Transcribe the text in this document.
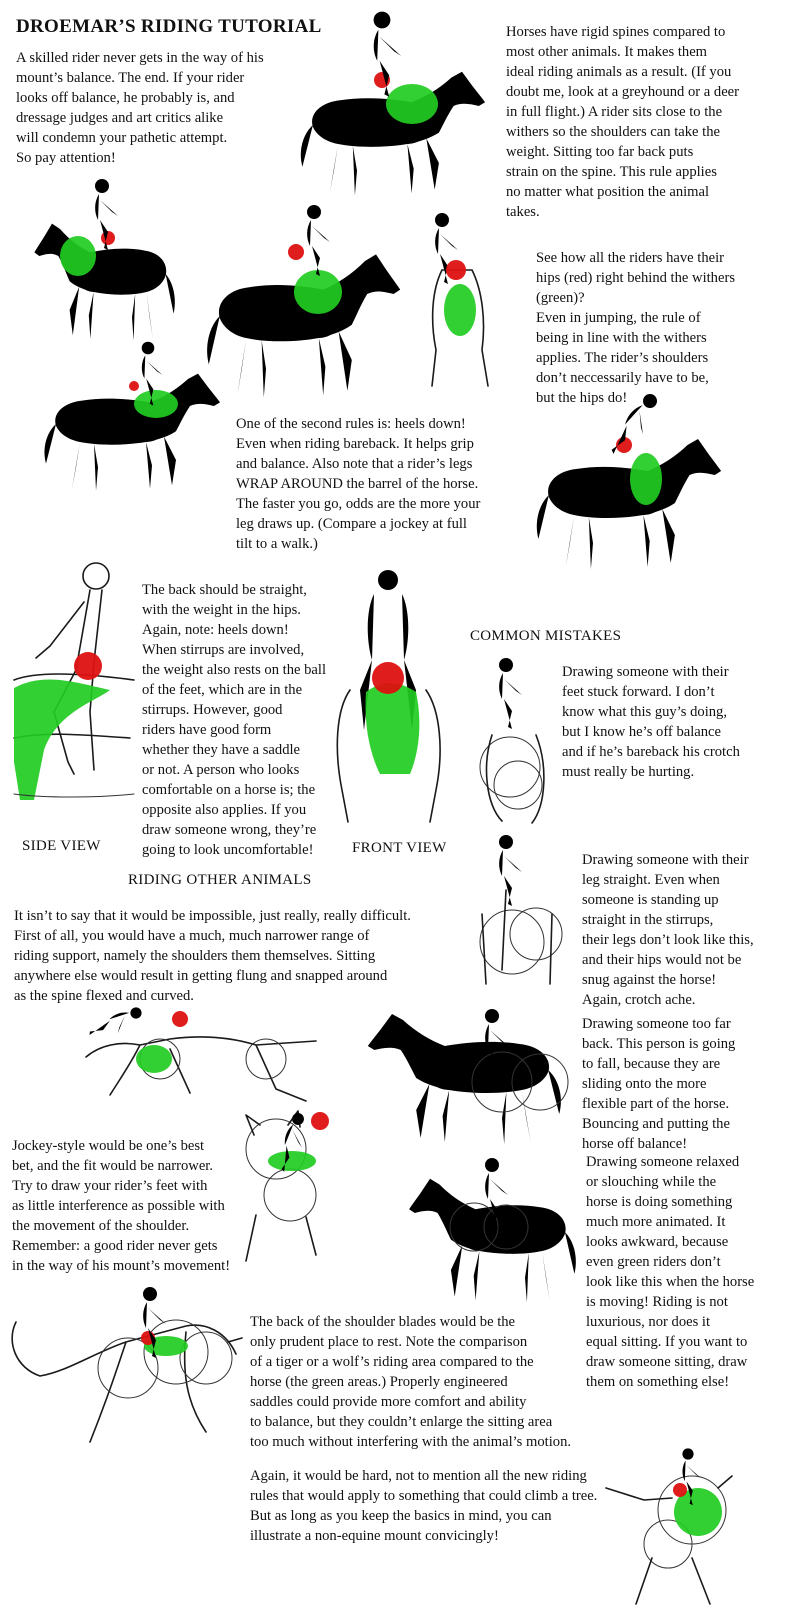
DROEMAR’S RIDING TUTORIAL

A skilled rider never gets in the way of his
mount’s balance. The end. If your rider
looks off balance, he probably is, and
dressage judges and art critics alike
will condemn your pathetic attempt.
So pay attention!

Horses have rigid spines compared to
most other animals. It makes them
ideal riding animals as a result. (If you
doubt me, look at a greyhound or a deer
in full flight.) A rider sits close to the
withers so the shoulders can take the
weight. Sitting too far back puts
strain on the spine. This rule applies
no matter what position the animal
takes.

See how all the riders have their
hips (red) right behind the withers
(green)?
Even in jumping, the rule of
being in line with the withers
applies. The rider’s shoulders
don’t neccessarily have to be,
but the hips do!

One of the second rules is: heels down!
Even when riding bareback. It helps grip
and balance. Also note that a rider’s legs
WRAP AROUND the barrel of the horse.
The faster you go, odds are the more your
leg draws up. (Compare a jockey at full
tilt to a walk.)

SIDE VIEW

The back should be straight,
with the weight in the hips.
Again, note: heels down!
When stirrups are involved,
the weight also rests on the ball
of the feet, which are in the
stirrups. However, good
riders have good form
whether they have a saddle
or not. A person who looks
comfortable on a horse is; the
opposite also applies. If you
draw someone wrong, they’re
going to look uncomfortable!	FRONT VIEW

COMMON MISTAKES

Drawing someone with their
feet stuck forward. I don’t
know what this guy’s doing,
but I know he’s off balance
and if he’s bareback his crotch
must really be hurting.

RIDING OTHER ANIMALS

It isn’t to say that it would be impossible, just really, really difficult.
First of all, you would have a much, much narrower range of
riding support, namely the shoulders them themselves. Sitting
anywhere else would result in getting flung and snapped around
as the spine flexed and curved.

Drawing someone with their
leg straight. Even when
someone is standing up
straight in the stirrups,
their legs don’t look like this,
and their hips would not be
snug against the horse!
Again, crotch ache.

Drawing someone too far
back. This person is going
to fall, because they are
sliding onto the more
flexible part of the horse.
Bouncing and putting the
horse off balance!

Jockey-style would be one’s best
bet, and the fit would be narrower.
Try to draw your rider’s feet with
as little interference as possible with
the movement of the shoulder.
Remember: a good rider never gets
in the way of his mount’s movement!

Drawing someone relaxed
or slouching while the
horse is doing something
much more animated. It
looks awkward, because
even green riders don’t
look like this when the horse
is moving! Riding is not
luxurious, nor does it
equal sitting. If you want to
draw someone sitting, draw
them on something else!

The back of the shoulder blades would be the
only prudent place to rest. Note the comparison
of a tiger or a wolf’s riding area compared to the
horse (the green areas.) Properly engineered
saddles could provide more comfort and ability
to balance, but they couldn’t enlarge the sitting area
too much without interfering with the animal’s motion.

Again, it would be hard, not to mention all the new riding
rules that would apply to something that could climb a tree.
But as long as you keep the basics in mind, you can
illustrate a non-equine mount convicingly!
